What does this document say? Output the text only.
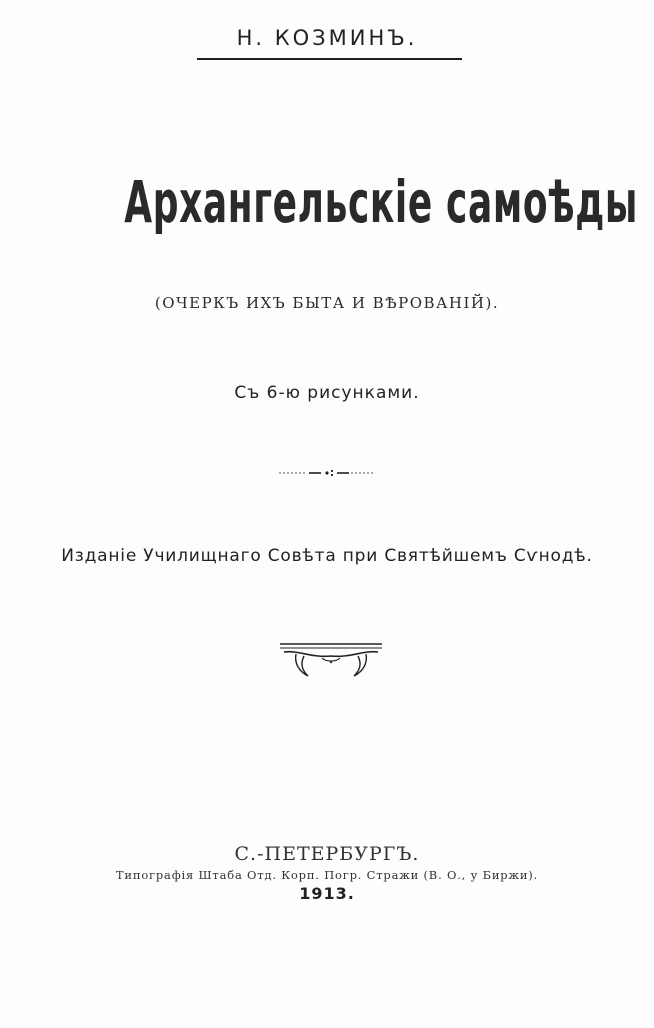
Н. КОЗМИНЪ.
Архангельскіе самоѣды
(ОЧЕРКЪ ИХЪ БЫТА И ВѢРОВАНІЙ).
Съ 6-ю рисунками.
Изданіе Училищнаго Совѣта при Святѣйшемъ Сѵнодѣ.
С.-ПЕТЕРБУРГЪ.
Типографія Штаба Отд. Корп. Погр. Стражи (В. О., у Биржи).
1913.
